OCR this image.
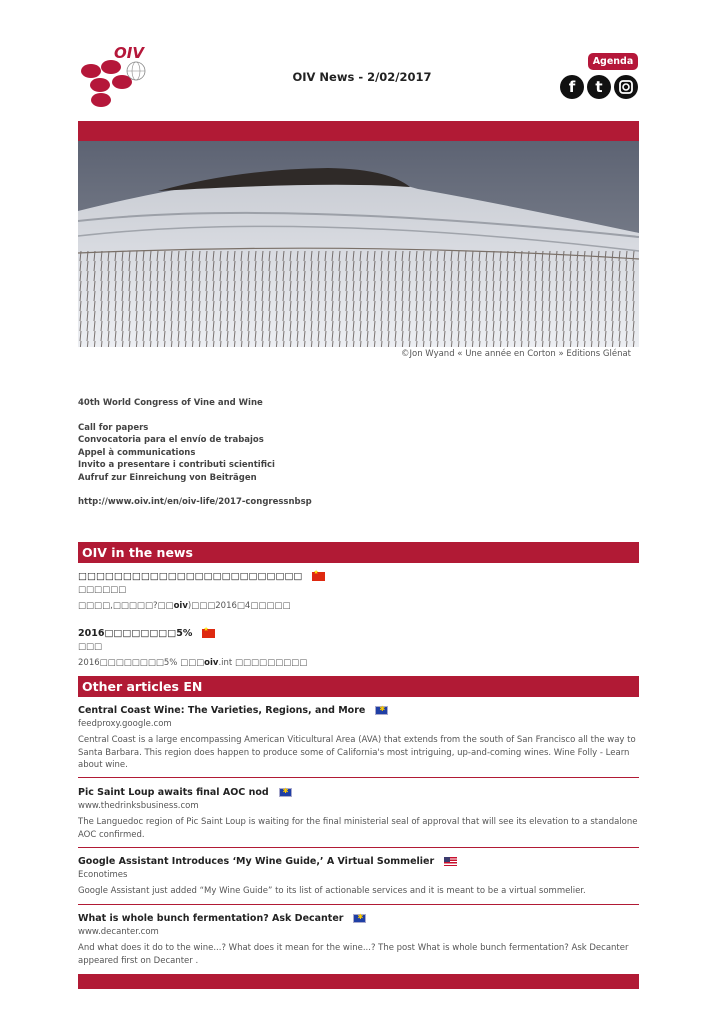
OIV
OIV News - 2/02/2017
Agenda
f	t
©Jon Wyand « Une année en Corton » Editions Glénat
40th World Congress of Vine and Wine
Call for papers
Convocatoria para el envío de trabajos
Appel à communications
Invito a presentare i contributi scientifici
Aufruf zur Einreichung von Beiträgen
http://www.oiv.int/en/oiv-life/2017-congressnbsp
OIV in the news
□□□□□□□□□□□□□□□□□□□□□□□□□
★
□□□□□□
□□□□,□□□□□?□□oiv)□□□2016□4□□□□□
2016□□□□□□□□5%
★
□□□
2016□□□□□□□□5% □□□oiv.int □□□□□□□□□
Other articles EN
Central Coast Wine: The Varieties, Regions, and More
✱
feedproxy.google.com
Central Coast is a large encompassing American Viticultural Area (AVA) that extends from the south of San Francisco all the way to Santa Barbara. This region does happen to produce some of California's most intriguing, up-and-coming wines. Wine Folly - Learn about wine.
Pic Saint Loup awaits final AOC nod
✱
www.thedrinksbusiness.com
The Languedoc region of Pic Saint Loup is waiting for the final ministerial seal of approval that will see its elevation to a standalone AOC confirmed.
Google Assistant Introduces ‘My Wine Guide,’ A Virtual Sommelier
Econotimes
Google Assistant just added “My Wine Guide” to its list of actionable services and it is meant to be a virtual sommelier.
What is whole bunch fermentation? Ask Decanter
✱
www.decanter.com
And what does it do to the wine...? What does it mean for the wine...? The post What is whole bunch fermentation? Ask Decanter appeared first on Decanter .
